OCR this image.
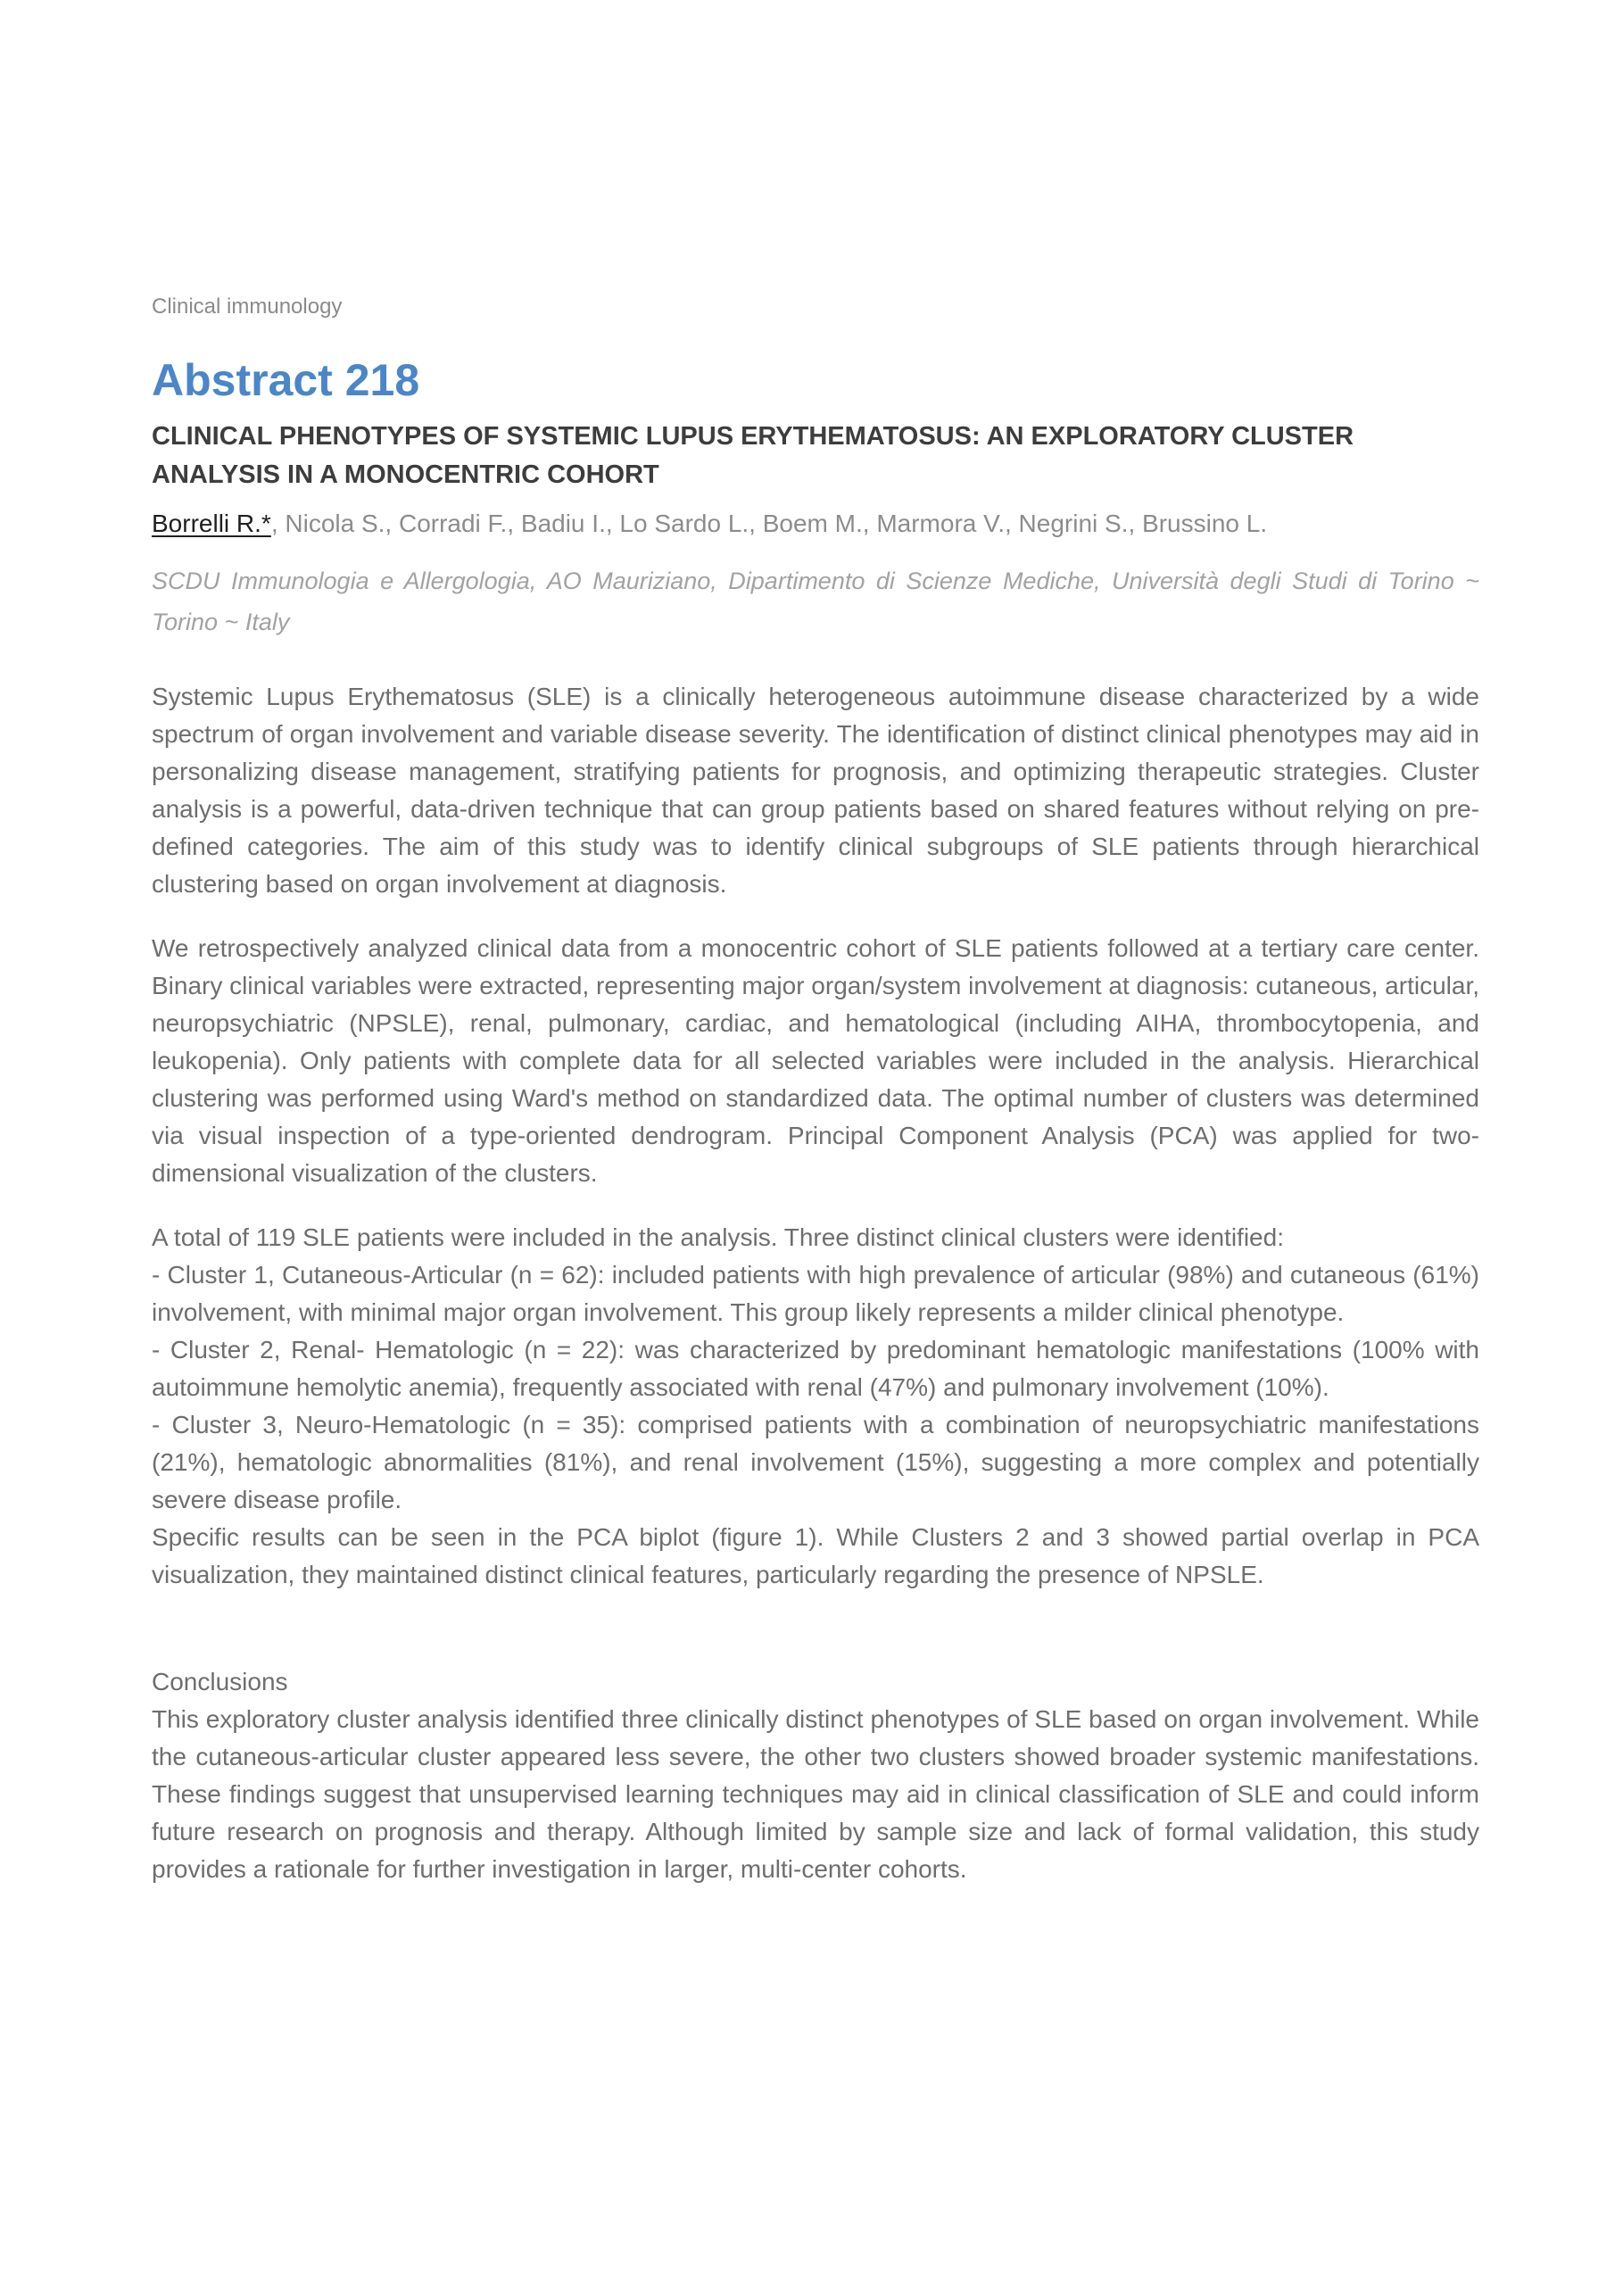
Clinical immunology
Abstract 218
CLINICAL PHENOTYPES OF SYSTEMIC LUPUS ERYTHEMATOSUS: AN EXPLORATORY CLUSTER ANALYSIS IN A MONOCENTRIC COHORT
Borrelli R.*, Nicola S., Corradi F., Badiu I., Lo Sardo L., Boem M., Marmora V., Negrini S., Brussino L.
SCDU Immunologia e Allergologia, AO Mauriziano, Dipartimento di Scienze Mediche, Università degli Studi di Torino ~ Torino ~ Italy
Systemic Lupus Erythematosus (SLE) is a clinically heterogeneous autoimmune disease characterized by a wide spectrum of organ involvement and variable disease severity. The identification of distinct clinical phenotypes may aid in personalizing disease management, stratifying patients for prognosis, and optimizing therapeutic strategies. Cluster analysis is a powerful, data-driven technique that can group patients based on shared features without relying on pre-defined categories. The aim of this study was to identify clinical subgroups of SLE patients through hierarchical clustering based on organ involvement at diagnosis.
We retrospectively analyzed clinical data from a monocentric cohort of SLE patients followed at a tertiary care center. Binary clinical variables were extracted, representing major organ/system involvement at diagnosis: cutaneous, articular, neuropsychiatric (NPSLE), renal, pulmonary, cardiac, and hematological (including AIHA, thrombocytopenia, and leukopenia). Only patients with complete data for all selected variables were included in the analysis. Hierarchical clustering was performed using Ward's method on standardized data. The optimal number of clusters was determined via visual inspection of a type-oriented dendrogram. Principal Component Analysis (PCA) was applied for two-dimensional visualization of the clusters.
A total of 119 SLE patients were included in the analysis. Three distinct clinical clusters were identified:
- Cluster 1, Cutaneous-Articular (n = 62): included patients with high prevalence of articular (98%) and cutaneous (61%) involvement, with minimal major organ involvement. This group likely represents a milder clinical phenotype.
- Cluster 2, Renal- Hematologic (n = 22): was characterized by predominant hematologic manifestations (100% with autoimmune hemolytic anemia), frequently associated with renal (47%) and pulmonary involvement (10%).
- Cluster 3, Neuro-Hematologic (n = 35): comprised patients with a combination of neuropsychiatric manifestations (21%), hematologic abnormalities (81%), and renal involvement (15%), suggesting a more complex and potentially severe disease profile.
Specific results can be seen in the PCA biplot (figure 1). While Clusters 2 and 3 showed partial overlap in PCA visualization, they maintained distinct clinical features, particularly regarding the presence of NPSLE.
Conclusions
This exploratory cluster analysis identified three clinically distinct phenotypes of SLE based on organ involvement. While the cutaneous-articular cluster appeared less severe, the other two clusters showed broader systemic manifestations. These findings suggest that unsupervised learning techniques may aid in clinical classification of SLE and could inform future research on prognosis and therapy. Although limited by sample size and lack of formal validation, this study provides a rationale for further investigation in larger, multi-center cohorts.
